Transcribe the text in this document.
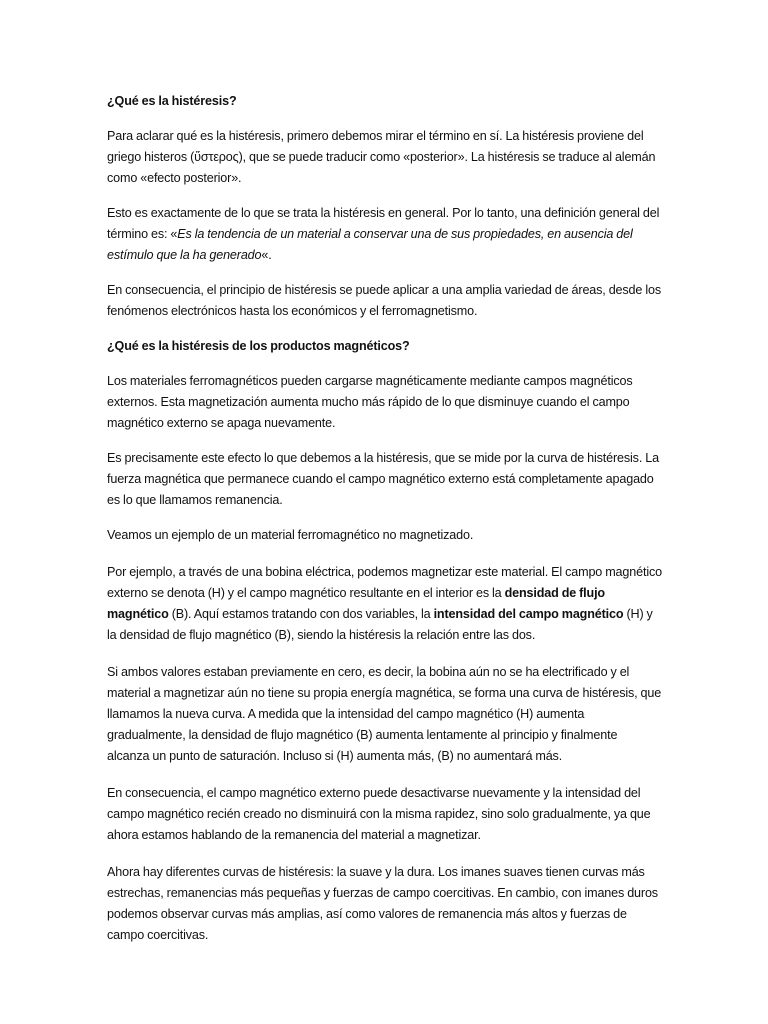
¿Qué es la histéresis?

Para aclarar qué es la histéresis, primero debemos mirar el término en sí. La histéresis proviene del griego histeros (ὕστερος), que se puede traducir como «posterior». La histéresis se traduce al alemán como «efecto posterior».

Esto es exactamente de lo que se trata la histéresis en general. Por lo tanto, una definición general del término es: «Es la tendencia de un material a conservar una de sus propiedades, en ausencia del estímulo que la ha generado«.

En consecuencia, el principio de histéresis se puede aplicar a una amplia variedad de áreas, desde los fenómenos electrónicos hasta los económicos y el ferromagnetismo.

¿Qué es la histéresis de los productos magnéticos?

Los materiales ferromagnéticos pueden cargarse magnéticamente mediante campos magnéticos externos. Esta magnetización aumenta mucho más rápido de lo que disminuye cuando el campo magnético externo se apaga nuevamente.

Es precisamente este efecto lo que debemos a la histéresis, que se mide por la curva de histéresis. La fuerza magnética que permanece cuando el campo magnético externo está completamente apagado es lo que llamamos remanencia.

Veamos un ejemplo de un material ferromagnético no magnetizado.

Por ejemplo, a través de una bobina eléctrica, podemos magnetizar este material. El campo magnético externo se denota (H) y el campo magnético resultante en el interior es la densidad de flujo magnético (B). Aquí estamos tratando con dos variables, la intensidad del campo magnético (H) y la densidad de flujo magnético (B), siendo la histéresis la relación entre las dos.

Si ambos valores estaban previamente en cero, es decir, la bobina aún no se ha electrificado y el material a magnetizar aún no tiene su propia energía magnética, se forma una curva de histéresis, que llamamos la nueva curva. A medida que la intensidad del campo magnético (H) aumenta gradualmente, la densidad de flujo magnético (B) aumenta lentamente al principio y finalmente alcanza un punto de saturación. Incluso si (H) aumenta más, (B) no aumentará más.

En consecuencia, el campo magnético externo puede desactivarse nuevamente y la intensidad del campo magnético recién creado no disminuirá con la misma rapidez, sino solo gradualmente, ya que ahora estamos hablando de la remanencia del material a magnetizar.

Ahora hay diferentes curvas de histéresis: la suave y la dura. Los imanes suaves tienen curvas más estrechas, remanencias más pequeñas y fuerzas de campo coercitivas. En cambio, con imanes duros podemos observar curvas más amplias, así como valores de remanencia más altos y fuerzas de campo coercitivas.
